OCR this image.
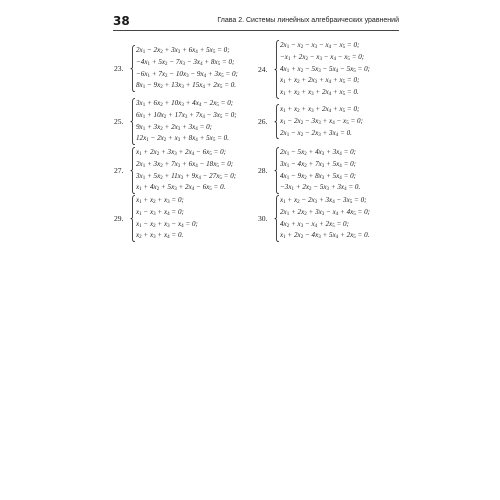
38	Глава 2. Системы линейных алгебраических уравнений
23.
$2x_1 - 2x_2 + 3x_3 + 6x_4 + 5x_5 = 0$;
$-4x_1 + 5x_2 - 7x_3 - 3x_4 + 8x_5 = 0$;
$-6x_1 + 7x_2 - 10x_3 - 9x_4 + 3x_5 = 0$;
$8x_1 - 9x_2 + 13x_3 + 15x_4 + 2x_5 = 0$.
24.
$2x_1 - x_2 - x_3 - x_4 - x_5 = 0$;
$-x_1 + 2x_2 - x_3 - x_4 - x_5 = 0$;
$4x_1 + x_2 - 5x_3 - 5x_4 - 5x_5 = 0$;
$x_1 + x_2 + 2x_3 + x_4 + x_5 = 0$;
$x_1 + x_2 + x_3 + 2x_4 + x_5 = 0$.
25.
$3x_1 + 6x_2 + 10x_3 + 4x_4 - 2x_5 = 0$;
$6x_1 + 10x_2 + 17x_3 + 7x_4 - 3x_5 = 0$;
$9x_1 + 3x_2 + 2x_3 + 3x_4 = 0$;
$12x_1 - 2x_2 + x_3 + 8x_4 + 5x_5 = 0$.
26.
$x_1 + x_2 + x_3 + 2x_4 + x_5 = 0$;
$x_1 - 2x_2 - 3x_3 + x_4 - x_5 = 0$;
$2x_1 - x_2 - 2x_3 + 3x_4 = 0$.
27.
$x_1 + 2x_2 + 3x_3 + 2x_4 - 6x_5 = 0$;
$2x_1 + 3x_2 + 7x_3 + 6x_4 - 18x_5 = 0$;
$3x_1 + 5x_2 + 11x_3 + 9x_4 - 27x_5 = 0$;
$x_1 + 4x_2 + 5x_3 + 2x_4 - 6x_5 = 0$.
28.
$2x_1 - 5x_2 + 4x_3 + 3x_4 = 0$;
$3x_1 - 4x_2 + 7x_3 + 5x_4 = 0$;
$4x_1 - 9x_2 + 8x_3 + 5x_4 = 0$;
$-3x_1 + 2x_2 - 5x_3 + 3x_4 = 0$.
29.
$x_1 + x_2 + x_3 = 0$;
$x_1 - x_3 + x_4 = 0$;
$x_1 - x_2 + x_3 - x_4 = 0$;
$x_2 + x_3 + x_4 = 0$.
30.
$x_1 + x_2 - 2x_3 + 3x_4 - 3x_5 = 0$;
$2x_1 + 2x_2 + 3x_3 - x_4 + 4x_5 = 0$;
$4x_2 + x_3 - x_4 + 2x_5 = 0$;
$x_1 + 2x_2 - 4x_3 + 5x_4 + 2x_5 = 0$.
